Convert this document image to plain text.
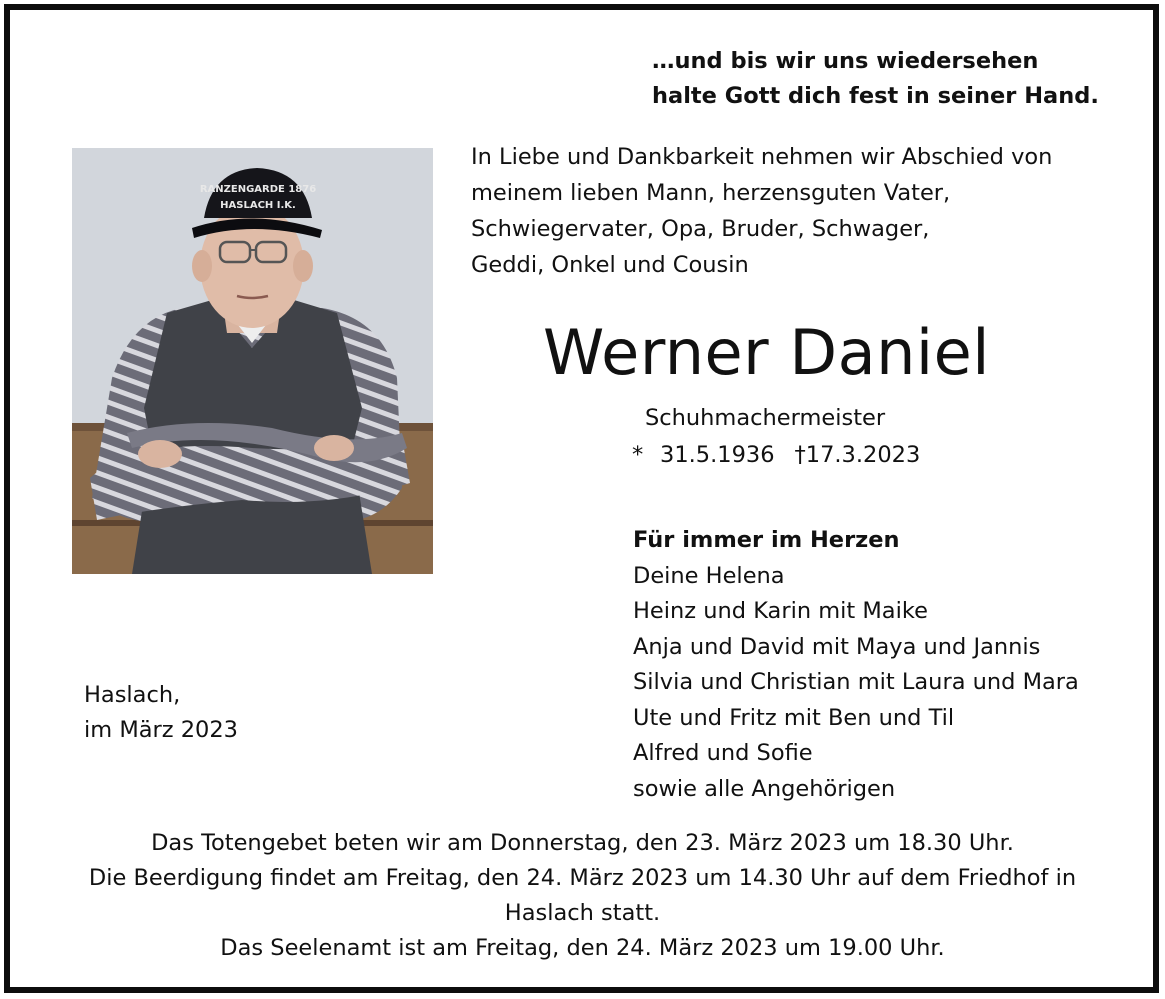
…und bis wir uns wiedersehen
halte Gott dich fest in seiner Hand.
In Liebe und Dankbarkeit nehmen wir Abschied von
meinem lieben Mann, herzensguten Vater,
Schwiegervater, Opa, Bruder, Schwager,
Geddi, Onkel und Cousin
RANZENGARDE 1876
HASLACH I.K.
Werner Daniel
Schuhmachermeister
* 31.5.1936 †17.3.2023
Für immer im Herzen
Deine Helena
Heinz und Karin mit Maike
Anja und David mit Maya und Jannis
Silvia und Christian mit Laura und Mara
Ute und Fritz mit Ben und Til
Alfred und Sofie
sowie alle Angehörigen
Haslach,
im März 2023
Das Totengebet beten wir am Donnerstag, den 23. März 2023 um 18.30 Uhr.
Die Beerdigung findet am Freitag, den 24. März 2023 um 14.30 Uhr auf dem Friedhof in
Haslach statt.
Das Seelenamt ist am Freitag, den 24. März 2023 um 19.00 Uhr.
